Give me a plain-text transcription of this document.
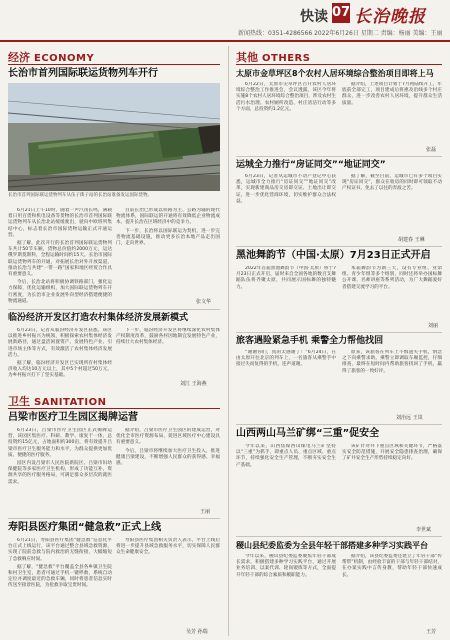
快读 07 长治晚报
新闻热线：0351-4286566 2022年6月26日 星期二 责编：杨丽 美编：王丽
经济 ECONOMY
长治市首列国际联运货物列车开行
长治市首列国际联运货物列车从伍子街子站的长治站准备发运国际货物。

6月21日上午10时，随着一声汽笛长鸣，满载着日用百货和机电设备等货物的长治市首列国际联运货物列车从长治北站缓缓驶出，驶向中欧班列集结中心，标志着长治市国际货物运输正式开通运营。

据了解，此次开行的长治首列国际联运货物列车共计50节车厢，货物总价值约2000万元，运达俄罗斯莫斯科，全程运输时间约15天。长治市国际联运货物列车的开通，对拓展长治对外开放渠道，推动长治与共建“一带一路”国家和地区经贸合作具有重要意义。

今后，长治北站将积极协调铁路部门，强化运力保障，优化运输组织，加大国际联运货物列车开行密度，为长治市企业发展外向型经济搭建便捷的物流通道。

目前长治已形成以铁路为主、公路为辅的现代物流体系，国际联运的开通将有效降低企业物流成本，提升长治在区域经济中的竞争力。

下一步，长治将以国际联运为契机，进一步完善物流基础设施，推动更多长治本地产品走出国门，走向世界。

张文华
临汾经济开发区打造农村集体经济发展新模式

6月23日，记者从临汾经济开发区获悉，该区以推进乡村振兴为统领，积极探索农村集体经济发展新路径，通过盘活闲置资产、发展特色产业、引进市场主体等方式，有效激活了农村集体经济发展活力。

据了解，临汾经济开发区已实现所有村集体经济收入均达10万元以上，其中5个村超过50万元，为乡村振兴打下了坚实基础。

下一步，临汾经济开发区将继续深化农村集体产权制度改革，鼓励各村因地制宜发展特色产业，持续壮大农村集体经济。

刘江 王海燕
卫生 SANITATION
吕梁市医疗卫生园区揭牌运营

6月23日，吕梁市医疗卫生园区正式揭牌运营，该园区集医疗、科研、教学、康复于一体，总投资约15亿元，占地面积约300亩，将有效提升吕梁市医疗卫生服务能力和水平，为群众提供更加优质、便捷的医疗服务。

园区内设吕梁市人民医院新院区、吕梁市妇幼保健院等多家医疗卫生机构，形成了功能互补、资源共享的医疗服务格局，可满足群众多层次的就医需求。

据介绍，吕梁市医疗卫生园区的建成运营，对优化全市医疗资源布局、促进区域医疗中心建设具有重要意义。

今后，吕梁市将继续加大医疗卫生投入，推进健康吕梁建设，不断增强人民群众的获得感、幸福感。

王丽
寿阳县医疗集团“健急救”正式上线

6月21日，寿阳县医疗集团“健急救”信息化平台正式上线运行，该平台通过整合县域急救资源，实现了院前急救与院内救治的无缝衔接，大幅缩短了急救响应时间。

据了解，“健急救”平台覆盖全县各乡镇卫生院和村卫生室，患者可通过手机一键呼救，系统自动定位并调度最近的急救车辆，同时将患者信息实时传送至接诊医院，为抢救争取宝贵时间。

寿阳县医疗集团相关负责人表示，平台上线后将进一步提升县域急救服务水平，切实保障人民群众生命健康安全。

吴芳 孙瑞
其他 OTHERS
太原市金草坪区8个农村人居环境综合整治项目即将上马

6月22日，太原市尖草坪区召开农村人居环境综合整治工作推进会，会议透露，该区今年将实施8个农村人居环境综合整治项目，涉及农村生活污水治理、农村厕所改造、村庄清洁行动等多个方面，总投资约1.2亿元。

据介绍，上述项目计划于7月初陆续开工，年底前全部完工，项目建成后将惠及沿线多个村庄群众，进一步改善农村人居环境，提升群众生活质量。

张磊
运城全力推行“房证同交”“地证同交”

6月23日，记者从运城市不动产登记中心获悉，运城市全力推行“房证同交”“地证同交”改革，实现新建商品房交房即交证、土地出让即交证，进一步优化营商环境，切实维护群众合法权益。

据了解，截至目前，运城市已有多个项目实现“房证同交”，群众在收房的同时即可领取不动产权证书，免去了以往的奔波之苦。

胡建春 王琳
黑池舞韵节（中国·太原）7月23日正式开启

2022年首届黑池舞韵节（中国·太原）将于7月23日正式开启，届时来自全国各地的数百支舞蹈队伍将齐聚太原，共同展示国标舞的独特魅力。

本届舞韵节为期三天，设有专业组、业余组、青少年组等多个组别，同时还将举办国标舞公开课、名师讲座等系列活动，为广大舞蹈爱好者搭建交流学习的平台。

刘丽
旅客遇险紧急手机 乘警全力帮他找回

“谢谢你们，真的太感谢了！”6月24日，在由太原开往北京的列车上，一名旅客从乘警手中接过失而复得的手机，连声道谢。

原来，该旅客在列车上不慎遗失手机，情急之下向乘警求助。乘警立即调取车厢监控，仔细排查，最终在短时间内帮助旅客找回了手机，赢得了旅客的一致好评。

刘治远 王岚
山西两山马兰矿绑“三重”促安全

今年以来，山西焦煤西山煤电马兰矿坚持以“三重”为抓手，即重点人员、重点区域、重点环节，持续强化安全生产管理，不断夯实安全生产基础。

该矿针对井下重点区域和关键环节，严格落实安全防范措施，开展安全隐患排查治理，确保了矿井安全生产形势持续稳定向好。

李世斌
稷山县纪委监委为全县年轻干部搭建多种学习实践平台

今年以来，稷山县纪委监委聚焦年轻干部成长需求，积极搭建多种学习实践平台，通过开展业务培训、以案代训、轮岗锻炼等方式，全面提升年轻干部的综合素质和履职能力。

据介绍，该县纪委监委还建立了年轻干部“传帮带”机制，由经验丰富的干部与年轻干部结对，在办案实践中言传身教，帮助年轻干部快速成长。

王芳
